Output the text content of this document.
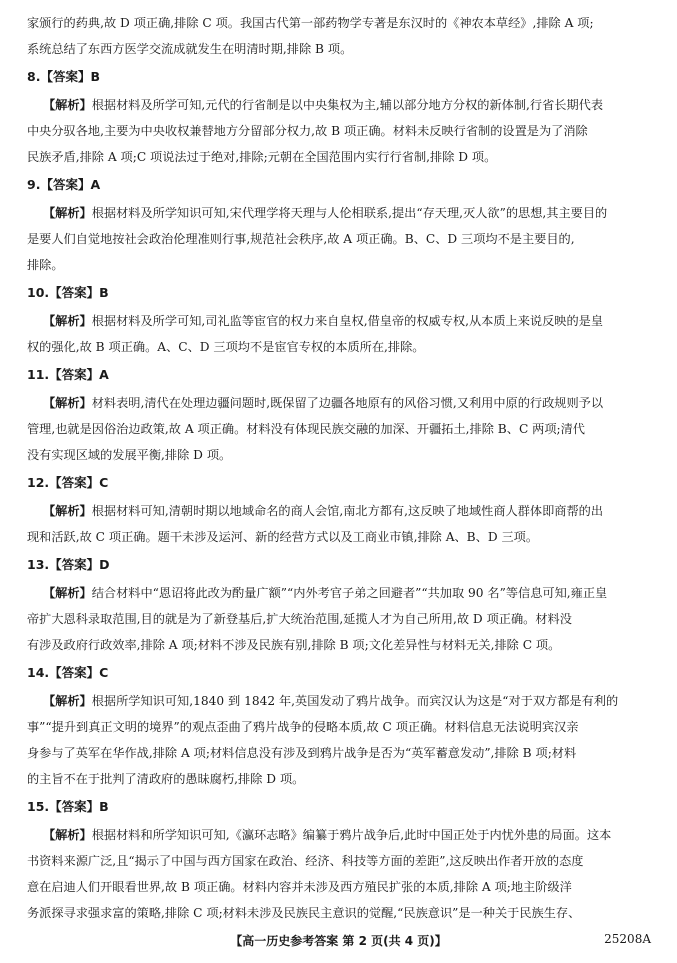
家颁行的药典,故 D 项正确,排除 C 项。我国古代第一部药物学专著是东汉时的《神农本草经》,排除 A 项;
系统总结了东西方医学交流成就发生在明清时期,排除 B 项。
8.【答案】B
【解析】根据材料及所学可知,元代的行省制是以中央集权为主,辅以部分地方分权的新体制,行省长期代表
中央分驭各地,主要为中央收权兼替地方分留部分权力,故 B 项正确。材料未反映行省制的设置是为了消除
民族矛盾,排除 A 项;C 项说法过于绝对,排除;元朝在全国范围内实行行省制,排除 D 项。
9.【答案】A
【解析】根据材料及所学知识可知,宋代理学将天理与人伦相联系,提出“存天理,灭人欲”的思想,其主要目的
是要人们自觉地按社会政治伦理准则行事,规范社会秩序,故 A 项正确。B、C、D 三项均不是主要目的,
排除。
10.【答案】B
【解析】根据材料及所学可知,司礼监等宦官的权力来自皇权,借皇帝的权威专权,从本质上来说反映的是皇
权的强化,故 B 项正确。A、C、D 三项均不是宦官专权的本质所在,排除。
11.【答案】A
【解析】材料表明,清代在处理边疆问题时,既保留了边疆各地原有的风俗习惯,又利用中原的行政规则予以
管理,也就是因俗治边政策,故 A 项正确。材料没有体现民族交融的加深、开疆拓土,排除 B、C 两项;清代
没有实现区域的发展平衡,排除 D 项。
12.【答案】C
【解析】根据材料可知,清朝时期以地域命名的商人会馆,南北方都有,这反映了地域性商人群体即商帮的出
现和活跃,故 C 项正确。题干未涉及运河、新的经营方式以及工商业市镇,排除 A、B、D 三项。
13.【答案】D
【解析】结合材料中“恩诏将此改为酌量广额”“内外考官子弟之回避者”“共加取 90 名”等信息可知,雍正皇
帝扩大恩科录取范围,目的就是为了新登基后,扩大统治范围,延揽人才为自己所用,故 D 项正确。材料没
有涉及政府行政效率,排除 A 项;材料不涉及民族有别,排除 B 项;文化差异性与材料无关,排除 C 项。
14.【答案】C
【解析】根据所学知识可知,1840 到 1842 年,英国发动了鸦片战争。而宾汉认为这是“对于双方都是有利的
事”“提升到真正文明的境界”的观点歪曲了鸦片战争的侵略本质,故 C 项正确。材料信息无法说明宾汉亲
身参与了英军在华作战,排除 A 项;材料信息没有涉及到鸦片战争是否为“英军蓄意发动”,排除 B 项;材料
的主旨不在于批判了清政府的愚昧腐朽,排除 D 项。
15.【答案】B
【解析】根据材料和所学知识可知,《瀛环志略》编纂于鸦片战争后,此时中国正处于内忧外患的局面。这本
书资料来源广泛,且“揭示了中国与西方国家在政治、经济、科技等方面的差距”,这反映出作者开放的态度
意在启迪人们开眼看世界,故 B 项正确。材料内容并未涉及西方殖民扩张的本质,排除 A 项;地主阶级洋
务派探寻求强求富的策略,排除 C 项;材料未涉及民族民主意识的觉醒,“民族意识”是一种关于民族生存、
【高一历史参考答案 第 2 页(共 4 页)】	25208A
